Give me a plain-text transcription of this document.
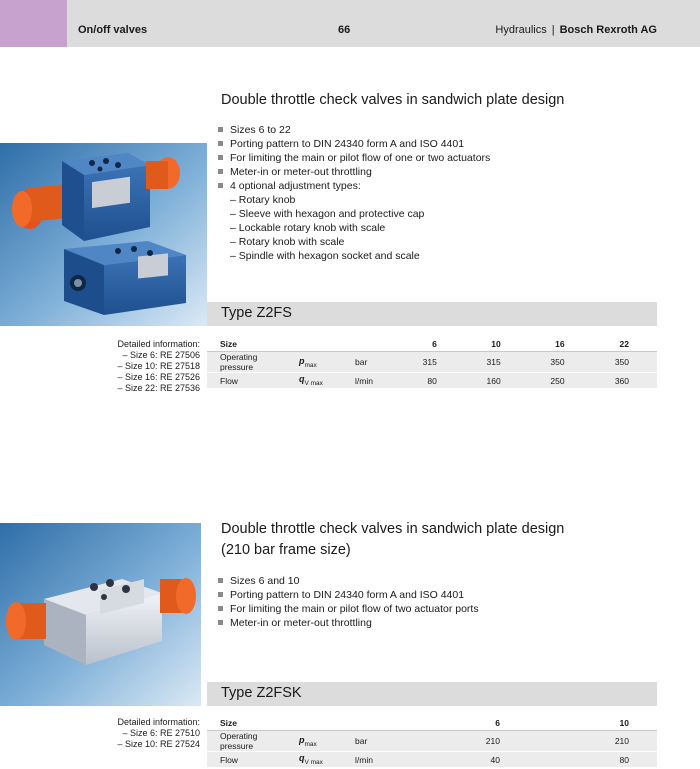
On/off valves	66	Hydraulics | Bosch Rexroth AG
Double throttle check valves in sandwich plate design
Sizes 6 to 22
Porting pattern to DIN 24340 form A and ISO 4401
For limiting the main or pilot flow of one or two actuators
Meter-in or meter-out throttling
4 optional adjustment types:
– Rotary knob
– Sleeve with hexagon and protective cap
– Lockable rotary knob with scale
– Rotary knob with scale
– Spindle with hexagon socket and scale
Type Z2FS
Detailed information:
– Size 6: RE 27506
– Size 10: RE 27518
– Size 16: RE 27526
– Size 22: RE 27536
Size			6	10	16	22
Operating pressure	$p_{max}$	bar	315	315	350	350
Flow	$q_{V max}$	l/min	80	160	250	360
Double throttle check valves in sandwich plate design
(210 bar frame size)
Sizes 6 and 10
Porting pattern to DIN 24340 form A and ISO 4401
For limiting the main or pilot flow of two actuator ports
Meter-in or meter-out throttling
Type Z2FSK
Detailed information:
– Size 6: RE 27510
– Size 10: RE 27524
Size			6	10
Operating pressure	$p_{max}$	bar	210	210
Flow	$q_{V max}$	l/min	40	80
